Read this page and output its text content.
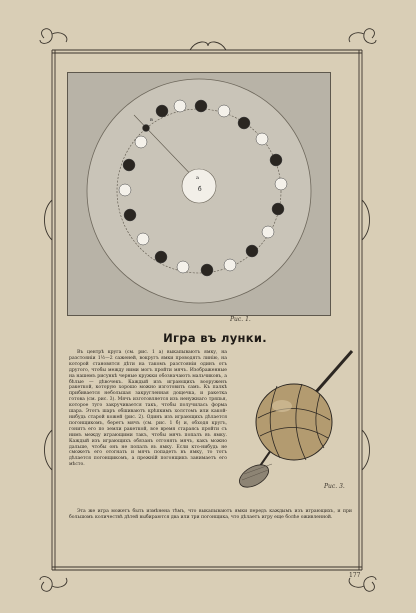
a
б
в
Рис. 1.
Игра въ лунки.

Въ центрѣ круга (см. рис. 1 а) выкапываютъ ямку, на разстояніи 1½—2 саженей, вокругъ ямки проводятъ линію, на которой становятся дѣти на такомъ разстояніи одинъ отъ другого, чтобы между ними могъ пройти мячъ. Изображенные на нашемъ рисункѣ черные кружки обозначаютъ мальчиковъ, а бѣлые — дѣвочекъ. Каждый изъ играющихъ вооруженъ ракеткой, которую хорошо можно изготовить самъ. Къ палкѣ прибивается небольшая закругленная дощечка, и ракетка готова (см. рис. 3). Мячъ изготовляется изъ ненужнаго тряпья, которое туго закручивается такъ, чтобы получилась форма шара. Этотъ шаръ обшиваютъ крѣпкимъ холстомъ или какой-нибудь старой кожей (рис. 2). Одинъ изъ играющихъ дѣлается погонщикомъ, беретъ мячъ (см. рис. 1 б) и, обходя кругъ, гонитъ его по земли ракеткой, все время стараясь пройти съ нимъ между играющими такъ, чтобы мячъ попалъ въ ямку. Каждый изъ играющихъ обязанъ отгонять мячъ, какъ можно дальше, чтобы онъ не попалъ въ ямку. Если кто-нибудь не сможетъ его отогнать и мячъ попадетъ въ ямку, то тотъ дѣлается погонщикомъ, а прежній погонщикъ занимаетъ его мѣсто.

Рис. 3.

Эта же игра можетъ быть измѣнена тѣмъ, что выкапываютъ ямки передъ каждымъ изъ играющихъ, и при большомъ количествѣ дѣтей выбираются два или три погонщика, что дѣлаетъ игру еще болѣе оживленной.

177
